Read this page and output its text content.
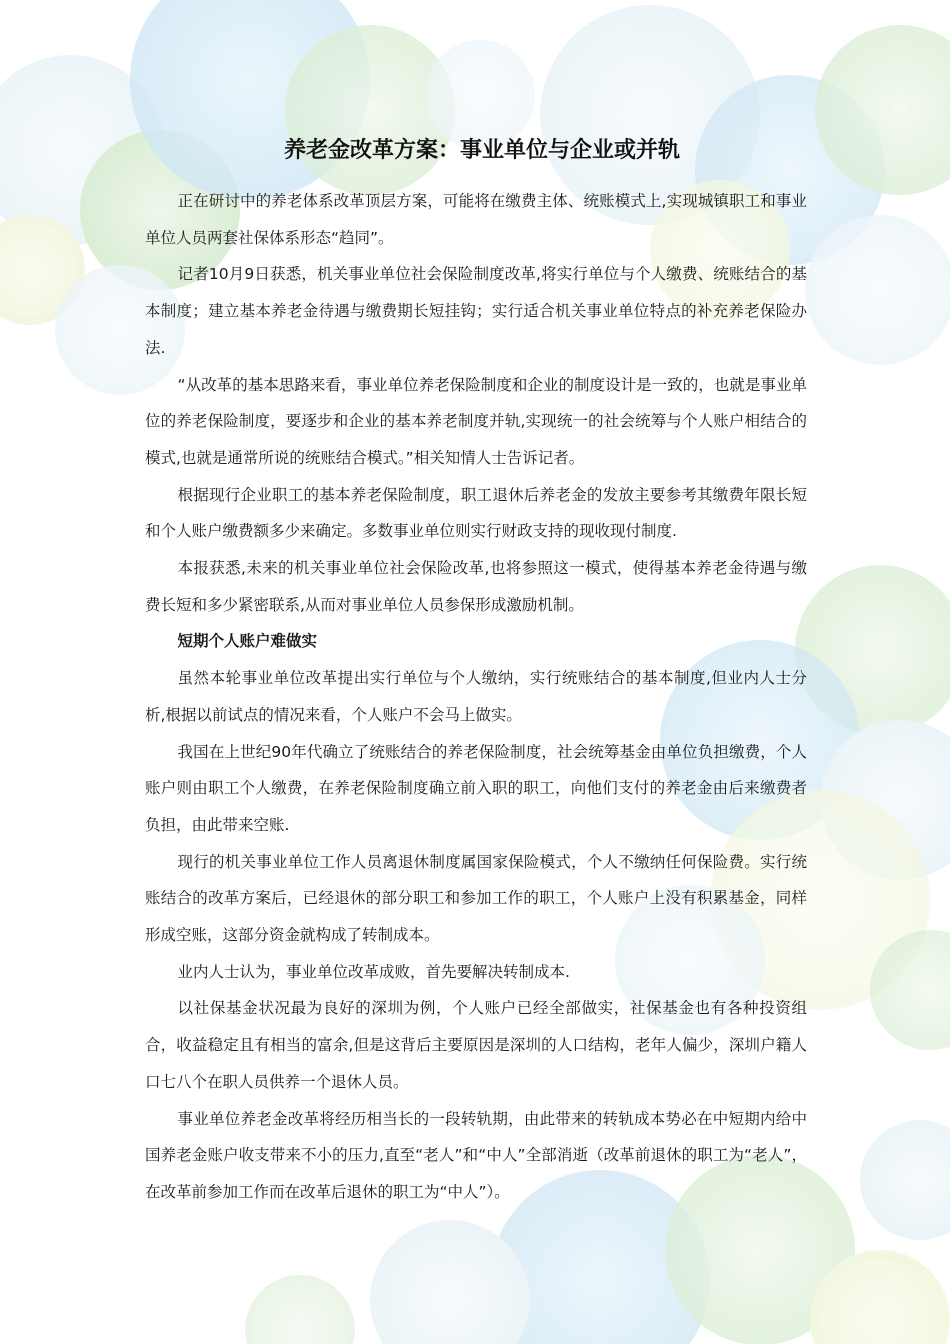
养老金改革方案：事业单位与企业或并轨

正在研讨中的养老体系改革顶层方案，可能将在缴费主体、统账模式上,实现城镇职工和事业单位人员两套社保体系形态“趋同”。

记者10月9日获悉，机关事业单位社会保险制度改革,将实行单位与个人缴费、统账结合的基本制度；建立基本养老金待遇与缴费期长短挂钩；实行适合机关事业单位特点的补充养老保险办法.

“从改革的基本思路来看，事业单位养老保险制度和企业的制度设计是一致的，也就是事业单位的养老保险制度，要逐步和企业的基本养老制度并轨,实现统一的社会统筹与个人账户相结合的模式,也就是通常所说的统账结合模式。”相关知情人士告诉记者。

根据现行企业职工的基本养老保险制度，职工退休后养老金的发放主要参考其缴费年限长短和个人账户缴费额多少来确定。多数事业单位则实行财政支持的现收现付制度.

本报获悉,未来的机关事业单位社会保险改革,也将参照这一模式，使得基本养老金待遇与缴费长短和多少紧密联系,从而对事业单位人员参保形成激励机制。

短期个人账户难做实

虽然本轮事业单位改革提出实行单位与个人缴纳，实行统账结合的基本制度,但业内人士分析,根据以前试点的情况来看，个人账户不会马上做实。

我国在上世纪90年代确立了统账结合的养老保险制度，社会统筹基金由单位负担缴费，个人账户则由职工个人缴费，在养老保险制度确立前入职的职工，向他们支付的养老金由后来缴费者负担，由此带来空账.

现行的机关事业单位工作人员离退休制度属国家保险模式，个人不缴纳任何保险费。实行统账结合的改革方案后，已经退休的部分职工和参加工作的职工，个人账户上没有积累基金，同样形成空账，这部分资金就构成了转制成本。

业内人士认为，事业单位改革成败，首先要解决转制成本.

以社保基金状况最为良好的深圳为例，个人账户已经全部做实，社保基金也有各种投资组合，收益稳定且有相当的富余,但是这背后主要原因是深圳的人口结构，老年人偏少，深圳户籍人口七八个在职人员供养一个退休人员。

事业单位养老金改革将经历相当长的一段转轨期，由此带来的转轨成本势必在中短期内给中国养老金账户收支带来不小的压力,直至“老人”和“中人”全部消逝（改革前退休的职工为“老人”，在改革前参加工作而在改革后退休的职工为“中人”）。
